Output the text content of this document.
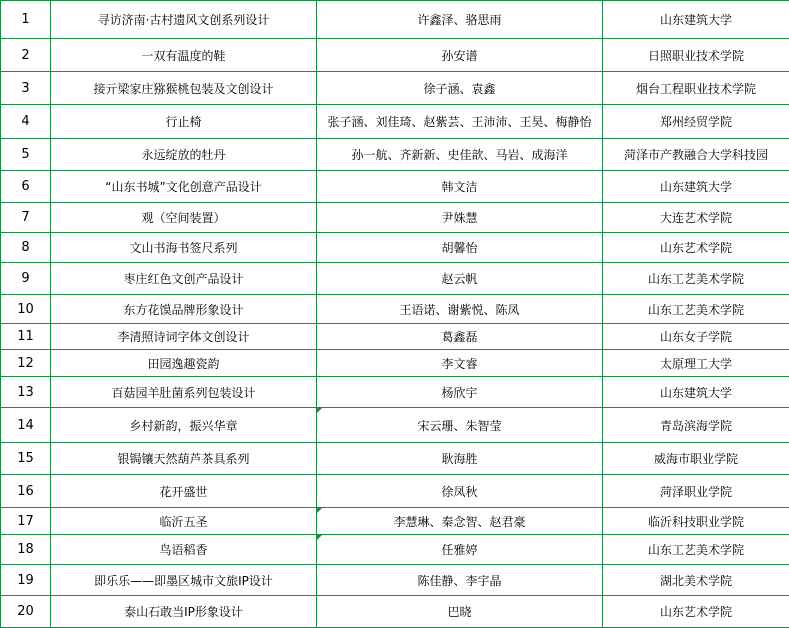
1	寻访济南·古村遗风文创系列设计	许鑫泽、骆思雨	山东建筑大学
2	一双有温度的鞋	孙安谱	日照职业技术学院
3	接亓梁家庄猕猴桃包装及文创设计	徐子涵、袁鑫	烟台工程职业技术学院
4	行止椅	张子涵、刘佳琦、赵紫芸、王沛沛、王昊、梅静怡	郑州经贸学院
5	永远绽放的牡丹	孙一航、齐新新、史佳歆、马岩、成海洋	菏泽市产教融合大学科技园
6	“山东书城”文化创意产品设计	韩文洁	山东建筑大学
7	观（空间装置）	尹姝慧	大连艺术学院
8	文山书海书签尺系列	胡馨怡	山东艺术学院
9	枣庄红色文创产品设计	赵云帆	山东工艺美术学院
10	东方花馍品牌形象设计	王语诺、谢紫悦、陈凤	山东工艺美术学院
11	李清照诗词字体文创设计	葛鑫磊	山东女子学院
12	田园逸趣瓷韵	李文睿	太原理工大学
13	百菇园羊肚菌系列包装设计	杨欣宇	山东建筑大学
14	乡村新韵，振兴华章	宋云珊、朱智莹	青岛滨海学院
15	银锔镶天然葫芦茶具系列	耿海胜	威海市职业学院
16	花开盛世	徐凤秋	菏泽职业学院
17	临沂五圣	李慧琳、秦念智、赵君豪	临沂科技职业学院
18	鸟语稻香	任雅婷	山东工艺美术学院
19	即乐乐——即墨区城市文旅IP设计	陈佳静、李宇晶	湖北美术学院
20	泰山石敢当IP形象设计	巴晓	山东艺术学院
